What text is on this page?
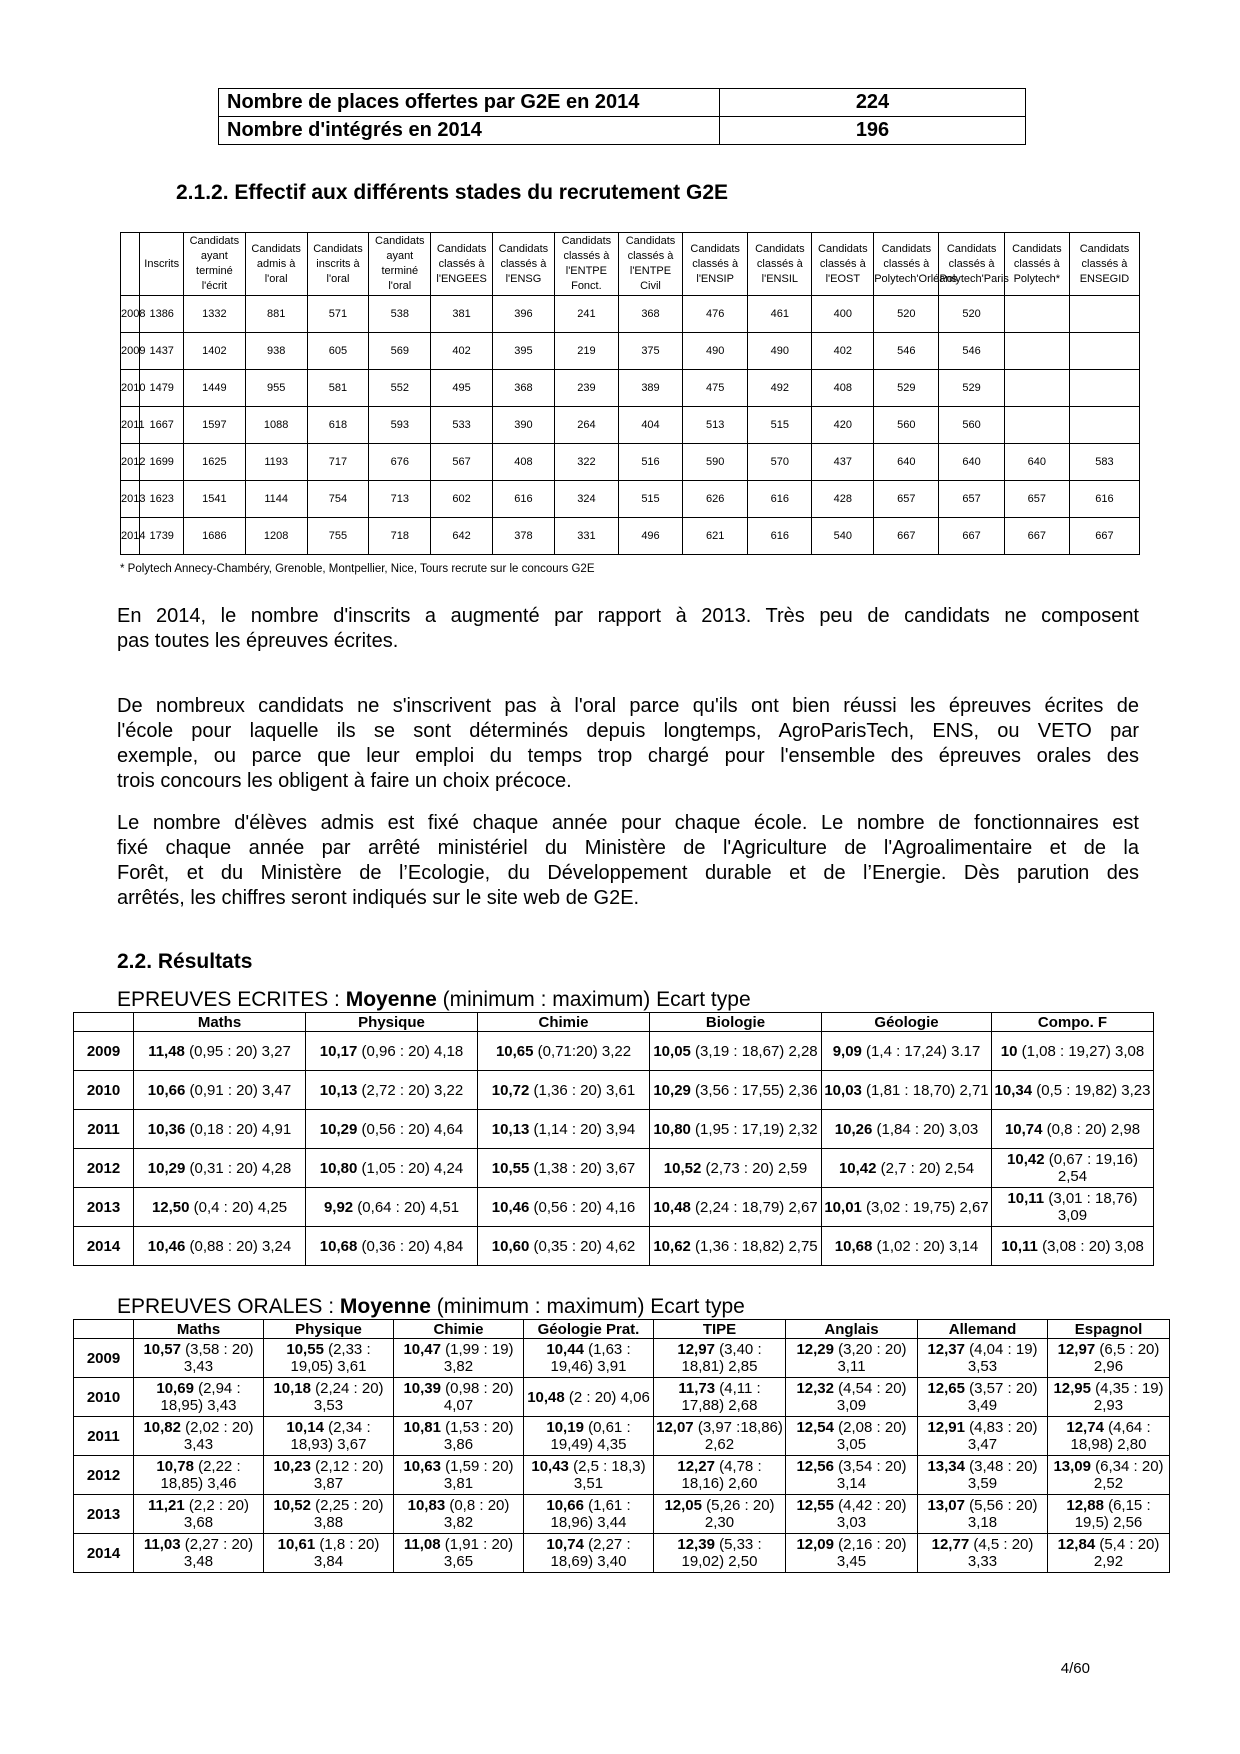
Nombre de places offertes par G2E en 2014	224
Nombre d'intégrés en 2014	196
2.1.2. Effectif aux différents stades du recrutement G2E
	Inscrits	Candidats ayant terminé l'écrit	Candidats admis à l'oral	Candidats inscrits à l'oral	Candidats ayant terminé l'oral	Candidats classés à l'ENGEES	Candidats classés à l'ENSG	Candidats classés à l'ENTPE Fonct.	Candidats classés à l'ENTPE Civil	Candidats classés à l'ENSIP	Candidats classés à l'ENSIL	Candidats classés à l'EOST	Candidats classés à Polytech'Orléans	Candidats classés à Polytech'Paris	Candidats classés à Polytech*	Candidats classés à ENSEGID
2008	1386	1332	881	571	538	381	396	241	368	476	461	400	520	520		
2009	1437	1402	938	605	569	402	395	219	375	490	490	402	546	546		
2010	1479	1449	955	581	552	495	368	239	389	475	492	408	529	529		
2011	1667	1597	1088	618	593	533	390	264	404	513	515	420	560	560		
2012	1699	1625	1193	717	676	567	408	322	516	590	570	437	640	640	640	583
2013	1623	1541	1144	754	713	602	616	324	515	626	616	428	657	657	657	616
2014	1739	1686	1208	755	718	642	378	331	496	621	616	540	667	667	667	667
* Polytech Annecy-Chambéry, Grenoble, Montpellier, Nice, Tours recrute sur le concours G2E

En 2014, le nombre d'inscrits a augmenté par rapport à 2013. Très peu de candidats ne composent
pas toutes les épreuves écrites.

De nombreux candidats ne s'inscrivent pas à l'oral parce qu'ils ont bien réussi les épreuves écrites de
l'école pour laquelle ils se sont déterminés depuis longtemps, AgroParisTech, ENS, ou VETO par
exemple, ou parce que leur emploi du temps trop chargé pour l'ensemble des épreuves orales des
trois concours les obligent à faire un choix précoce.

Le nombre d'élèves admis est fixé chaque année pour chaque école. Le nombre de fonctionnaires est
fixé chaque année par arrêté ministériel du Ministère de l'Agriculture de l'Agroalimentaire et de la
Forêt, et du Ministère de l’Ecologie, du Développement durable et de l’Energie. Dès parution des
arrêtés, les chiffres seront indiqués sur le site web de G2E.

2.2. Résultats
EPREUVES ECRITES : Moyenne (minimum : maximum) Ecart type
	Maths	Physique	Chimie	Biologie	Géologie	Compo. F
2009	11,48 (0,95 : 20) 3,27	10,17 (0,96 : 20) 4,18	10,65 (0,71:20) 3,22	10,05 (3,19 : 18,67) 2,28	9,09 (1,4 : 17,24) 3.17	10 (1,08 : 19,27) 3,08
2010	10,66 (0,91 : 20) 3,47	10,13 (2,72 : 20) 3,22	10,72 (1,36 : 20) 3,61	10,29 (3,56 : 17,55) 2,36	10,03 (1,81 : 18,70) 2,71	10,34 (0,5 : 19,82) 3,23
2011	10,36 (0,18 : 20) 4,91	10,29 (0,56 : 20) 4,64	10,13 (1,14 : 20) 3,94	10,80 (1,95 : 17,19) 2,32	10,26 (1,84 : 20) 3,03	10,74 (0,8 : 20) 2,98
2012	10,29 (0,31 : 20) 4,28	10,80 (1,05 : 20) 4,24	10,55 (1,38 : 20) 3,67	10,52 (2,73 : 20) 2,59	10,42 (2,7 : 20) 2,54	10,42 (0,67 : 19,16) 2,54
2013	12,50 (0,4 : 20) 4,25	9,92 (0,64 : 20) 4,51	10,46 (0,56 : 20) 4,16	10,48 (2,24 : 18,79) 2,67	10,01 (3,02 : 19,75) 2,67	10,11 (3,01 : 18,76) 3,09
2014	10,46 (0,88 : 20) 3,24	10,68 (0,36 : 20) 4,84	10,60 (0,35 : 20) 4,62	10,62 (1,36 : 18,82) 2,75	10,68 (1,02 : 20) 3,14	10,11 (3,08 : 20) 3,08
EPREUVES ORALES : Moyenne (minimum : maximum) Ecart type
	Maths	Physique	Chimie	Géologie Prat.	TIPE	Anglais	Allemand	Espagnol
2009	10,57 (3,58 : 20) 3,43	10,55 (2,33 : 19,05) 3,61	10,47 (1,99 : 19) 3,82	10,44 (1,63 : 19,46) 3,91	12,97 (3,40 : 18,81) 2,85	12,29 (3,20 : 20) 3,11	12,37 (4,04 : 19) 3,53	12,97 (6,5 : 20) 2,96
2010	10,69 (2,94 : 18,95) 3,43	10,18 (2,24 : 20) 3,53	10,39 (0,98 : 20) 4,07	10,48 (2 : 20) 4,06	11,73 (4,11 : 17,88) 2,68	12,32 (4,54 : 20) 3,09	12,65 (3,57 : 20) 3,49	12,95 (4,35 : 19) 2,93
2011	10,82 (2,02 : 20) 3,43	10,14 (2,34 : 18,93) 3,67	10,81 (1,53 : 20) 3,86	10,19 (0,61 : 19,49) 4,35	12,07 (3,97 :18,86) 2,62	12,54 (2,08 : 20) 3,05	12,91 (4,83 : 20) 3,47	12,74 (4,64 : 18,98) 2,80
2012	10,78 (2,22 : 18,85) 3,46	10,23 (2,12 : 20) 3,87	10,63 (1,59 : 20) 3,81	10,43 (2,5 : 18,3) 3,51	12,27 (4,78 : 18,16) 2,60	12,56 (3,54 : 20) 3,14	13,34 (3,48 : 20) 3,59	13,09 (6,34 : 20) 2,52
2013	11,21 (2,2 : 20) 3,68	10,52 (2,25 : 20) 3,88	10,83 (0,8 : 20) 3,82	10,66 (1,61 : 18,96) 3,44	12,05 (5,26 : 20) 2,30	12,55 (4,42 : 20) 3,03	13,07 (5,56 : 20) 3,18	12,88 (6,15 : 19,5) 2,56
2014	11,03 (2,27 : 20) 3,48	10,61 (1,8 : 20) 3,84	11,08 (1,91 : 20) 3,65	10,74 (2,27 : 18,69) 3,40	12,39 (5,33 : 19,02) 2,50	12,09 (2,16 : 20) 3,45	12,77 (4,5 : 20) 3,33	12,84 (5,4 : 20) 2,92
4/60
